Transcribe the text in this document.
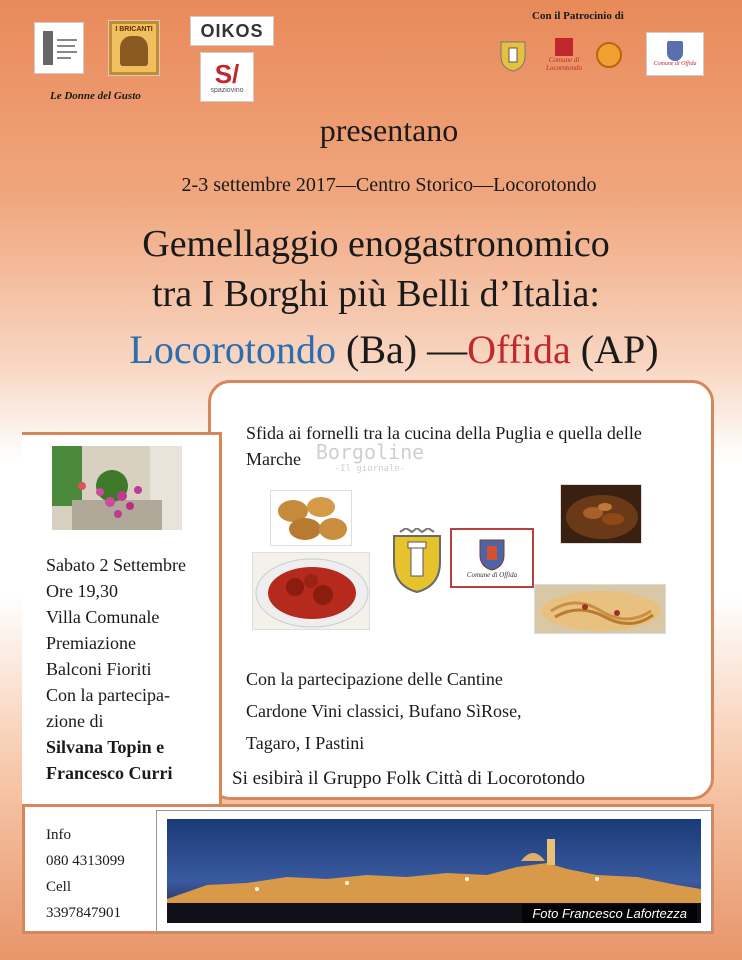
I BRICANTI	OIKOS
S/
spaziovino
Le Donne del Gusto
Con il Patrocinio di
Comune di Locorotondo	Comune di Offida
presentano
2-3 settembre 2017—Centro Storico—Locorotondo
Gemellaggio enogastronomico
tra I Borghi più Belli d’Italia:
Locorotondo (Ba) —Offida (AP)
Sfida ai fornelli tra la cucina della Puglia e quella delle Marche Borgoline
-Il giornale-
Comune di Offida
Con la partecipazione delle Cantine
Cardone Vini classici, Bufano SìRose,
Tagaro, I Pastini
Si esibirà il Gruppo Folk Città di Locorotondo
Sabato 2 Settembre
Ore 19,30
Villa Comunale
Premiazione
Balconi Fioriti
Con la partecipa-
zione di
Silvana Topin e
Francesco Curri
Info
080 4313099
Cell
3397847901	Foto Francesco Lafortezza
